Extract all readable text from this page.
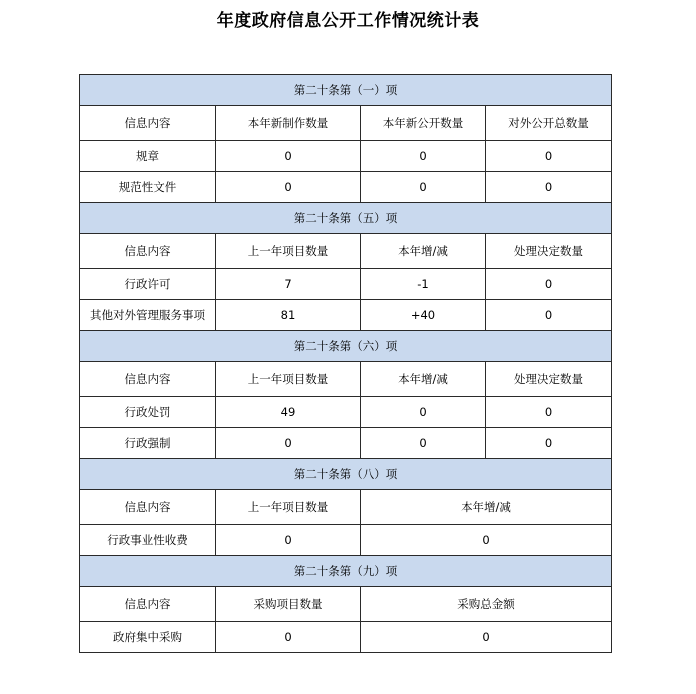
年度政府信息公开工作情况统计表
第二十条第（一）项			
信息内容	本年新制作数量	本年新公开数量	对外公开总数量
规章	0	0	0
规范性文件	0	0	0
第二十条第（五）项			
信息内容	上一年项目数量	本年增/减	处理决定数量
行政许可	7	-1	0
其他对外管理服务事项	81	+40	0
第二十条第（六）项			
信息内容	上一年项目数量	本年增/减	处理决定数量
行政处罚	49	0	0
行政强制	0	0	0
第二十条第（八）项			
信息内容	上一年项目数量	本年增/减	
行政事业性收费	0	0	
第二十条第（九）项			
信息内容	采购项目数量	采购总金额	
政府集中采购	0	0	
